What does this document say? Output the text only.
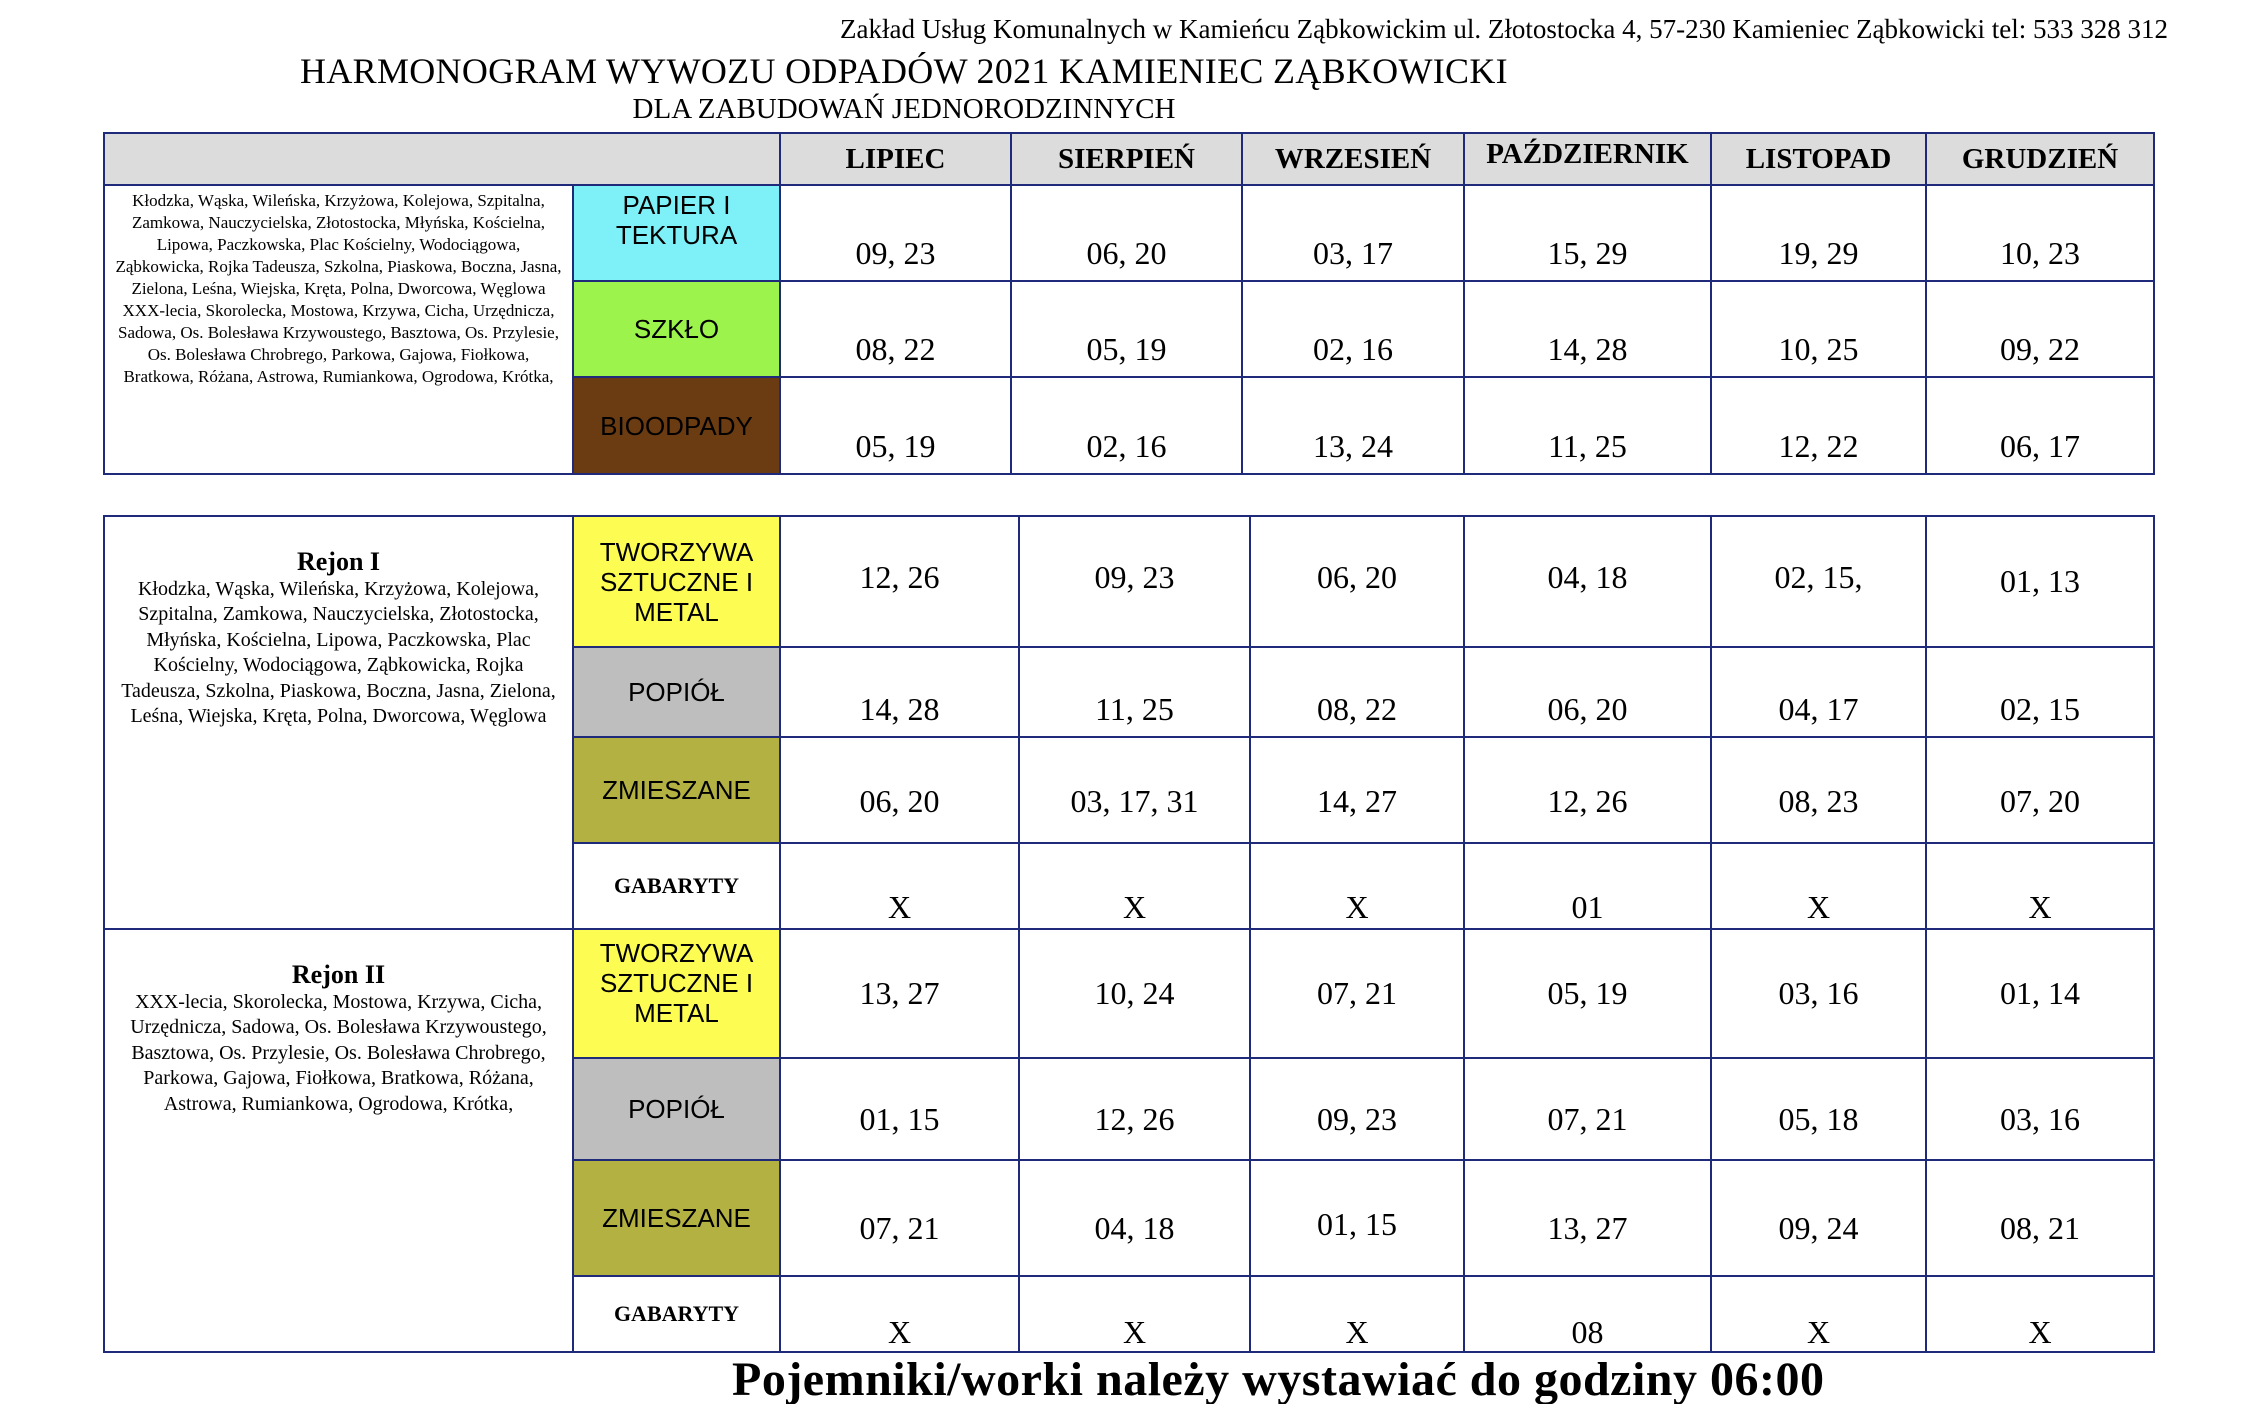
Zakład Usług Komunalnych w Kamieńcu Ząbkowickim ul. Złotostocka 4, 57-230 Kamieniec Ząbkowicki tel: 533 328 312
HARMONOGRAM WYWOZU ODPADÓW 2021 KAMIENIEC ZĄBKOWICKI
DLA ZABUDOWAŃ JEDNORODZINNYCH
		LIPIEC	SIERPIEŃ	WRZESIEŃ	PAŹDZIERNIK	LISTOPAD	GRUDZIEŃ
Kłodzka, Wąska, Wileńska, Krzyżowa, Kolejowa, Szpitalna, Zamkowa, Nauczycielska, Złotostocka, Młyńska, Kościelna, Lipowa, Paczkowska, Plac Kościelny, Wodociągowa, Ząbkowicka, Rojka Tadeusza, Szkolna, Piaskowa, Boczna, Jasna, Zielona, Leśna, Wiejska, Kręta, Polna, Dworcowa, Węglowa XXX-lecia, Skorolecka, Mostowa, Krzywa, Cicha, Urzędnicza, Sadowa, Os. Bolesława Krzywoustego, Basztowa, Os. Przylesie, Os. Bolesława Chrobrego, Parkowa, Gajowa, Fiołkowa, Bratkowa, Różana, Astrowa, Rumiankowa, Ogrodowa, Krótka,	PAPIER I TEKTURA	09, 23	06, 20	03, 17	15, 29	19, 29	10, 23
	SZKŁO	08, 22	05, 19	02, 16	14, 28	10, 25	09, 22
	BIOODPADY	05, 19	02, 16	13, 24	11, 25	12, 22	06, 17
Rejon I
Kłodzka, Wąska, Wileńska, Krzyżowa, Kolejowa, Szpitalna, Zamkowa, Nauczycielska, Złotostocka, Młyńska, Kościelna, Lipowa, Paczkowska, Plac Kościelny, Wodociągowa, Ząbkowicka, Rojka Tadeusza, Szkolna, Piaskowa, Boczna, Jasna, Zielona, Leśna, Wiejska, Kręta, Polna, Dworcowa, Węglowa	TWORZYWA SZTUCZNE I METAL	12, 26	09, 23	06, 20	04, 18	02, 15,	01, 13
	POPIÓŁ	14, 28	11, 25	08, 22	06, 20	04, 17	02, 15
	ZMIESZANE	06, 20	03, 17, 31	14, 27	12, 26	08, 23	07, 20
	GABARYTY	X	X	X	01	X	X

Rejon II
XXX-lecia, Skorolecka, Mostowa, Krzywa, Cicha, Urzędnicza, Sadowa, Os. Bolesława Krzywoustego, Basztowa, Os. Przylesie, Os. Bolesława Chrobrego, Parkowa, Gajowa, Fiołkowa, Bratkowa, Różana, Astrowa, Rumiankowa, Ogrodowa, Krótka,	TWORZYWA SZTUCZNE I METAL	13, 27	10, 24	07, 21	05, 19	03, 16	01, 14
	POPIÓŁ	01, 15	12, 26	09, 23	07, 21	05, 18	03, 16
	ZMIESZANE	07, 21	04, 18	01, 15	13, 27	09, 24	08, 21
	GABARYTY	X	X	X	08	X	X
Pojemniki/worki należy wystawiać do godziny 06:00
